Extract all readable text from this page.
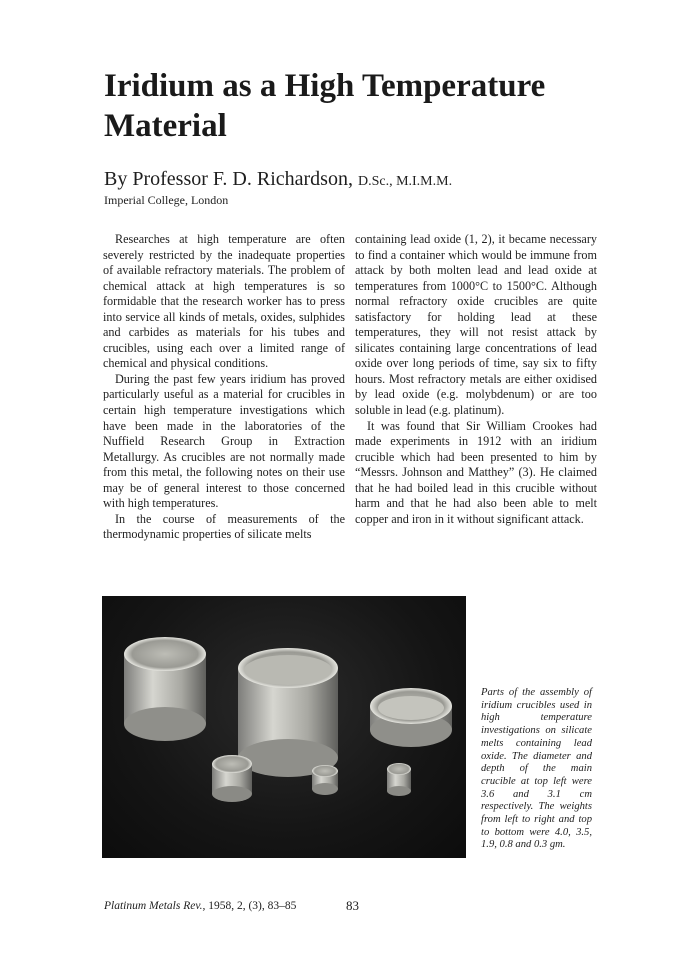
Iridium as a High Temperature Material
By Professor F. D. Richardson, D.Sc., M.I.M.M.
Imperial College, London

Researches at high temperature are often severely restricted by the inadequate properties of available refractory materials. The problem of chemical attack at high temperatures is so formidable that the research worker has to press into service all kinds of metals, oxides, sulphides and carbides as materials for his tubes and crucibles, using each over a limited range of chemical and physical conditions.

During the past few years iridium has proved particularly useful as a material for crucibles in certain high temperature investigations which have been made in the laboratories of the Nuffield Research Group in Extraction Metallurgy. As crucibles are not normally made from this metal, the following notes on their use may be of general interest to those concerned with high temperatures.

In the course of measurements of the thermodynamic properties of silicate melts

containing lead oxide (1, 2), it became necessary to find a container which would be immune from attack by both molten lead and lead oxide at temperatures from 1000°C to 1500°C. Although normal refractory oxide crucibles are quite satisfactory for holding lead at these temperatures, they will not resist attack by silicates containing large concentrations of lead oxide over long periods of time, say six to fifty hours. Most refractory metals are either oxidised by lead oxide (e.g. molybdenum) or are too soluble in lead (e.g. platinum).

It was found that Sir William Crookes had made experiments in 1912 with an iridium crucible which had been presented to him by “Messrs. Johnson and Matthey” (3). He claimed that he had boiled lead in this crucible without harm and that he had also been able to melt copper and iron in it without significant attack.

Parts of the assembly of iridium crucibles used in high temperature investigations on silicate melts containing lead oxide. The diameter and depth of the main crucible at top left were 3.6 and 3.1 cm respectively. The weights from left to right and top to bottom were 4.0, 3.5, 1.9, 0.8 and 0.3 gm.

Platinum Metals Rev., 1958, 2, (3), 83–85	83
